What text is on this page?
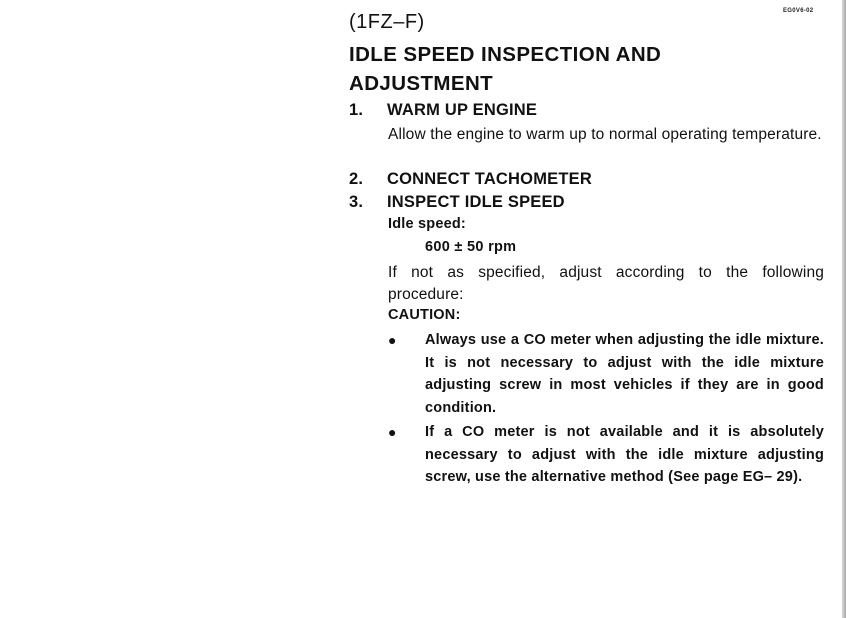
EG0V6-02
(1FZ–F)
IDLE SPEED INSPECTION AND
ADJUSTMENT
1. WARM UP ENGINE
Allow the engine to warm up to normal operating temperature.
2. CONNECT TACHOMETER
3. INSPECT IDLE SPEED
Idle speed:
600 ± 50 rpm
If not as specified, adjust according to the following procedure:
CAUTION:
● Always use a CO meter when adjusting the idle mixture. It is not necessary to adjust with the idle mixture adjusting screw in most vehicles if they are in good condition.
● If a CO meter is not available and it is absolutely necessary to adjust with the idle mixture adjusting screw, use the alternative method (See page EG– 29).
